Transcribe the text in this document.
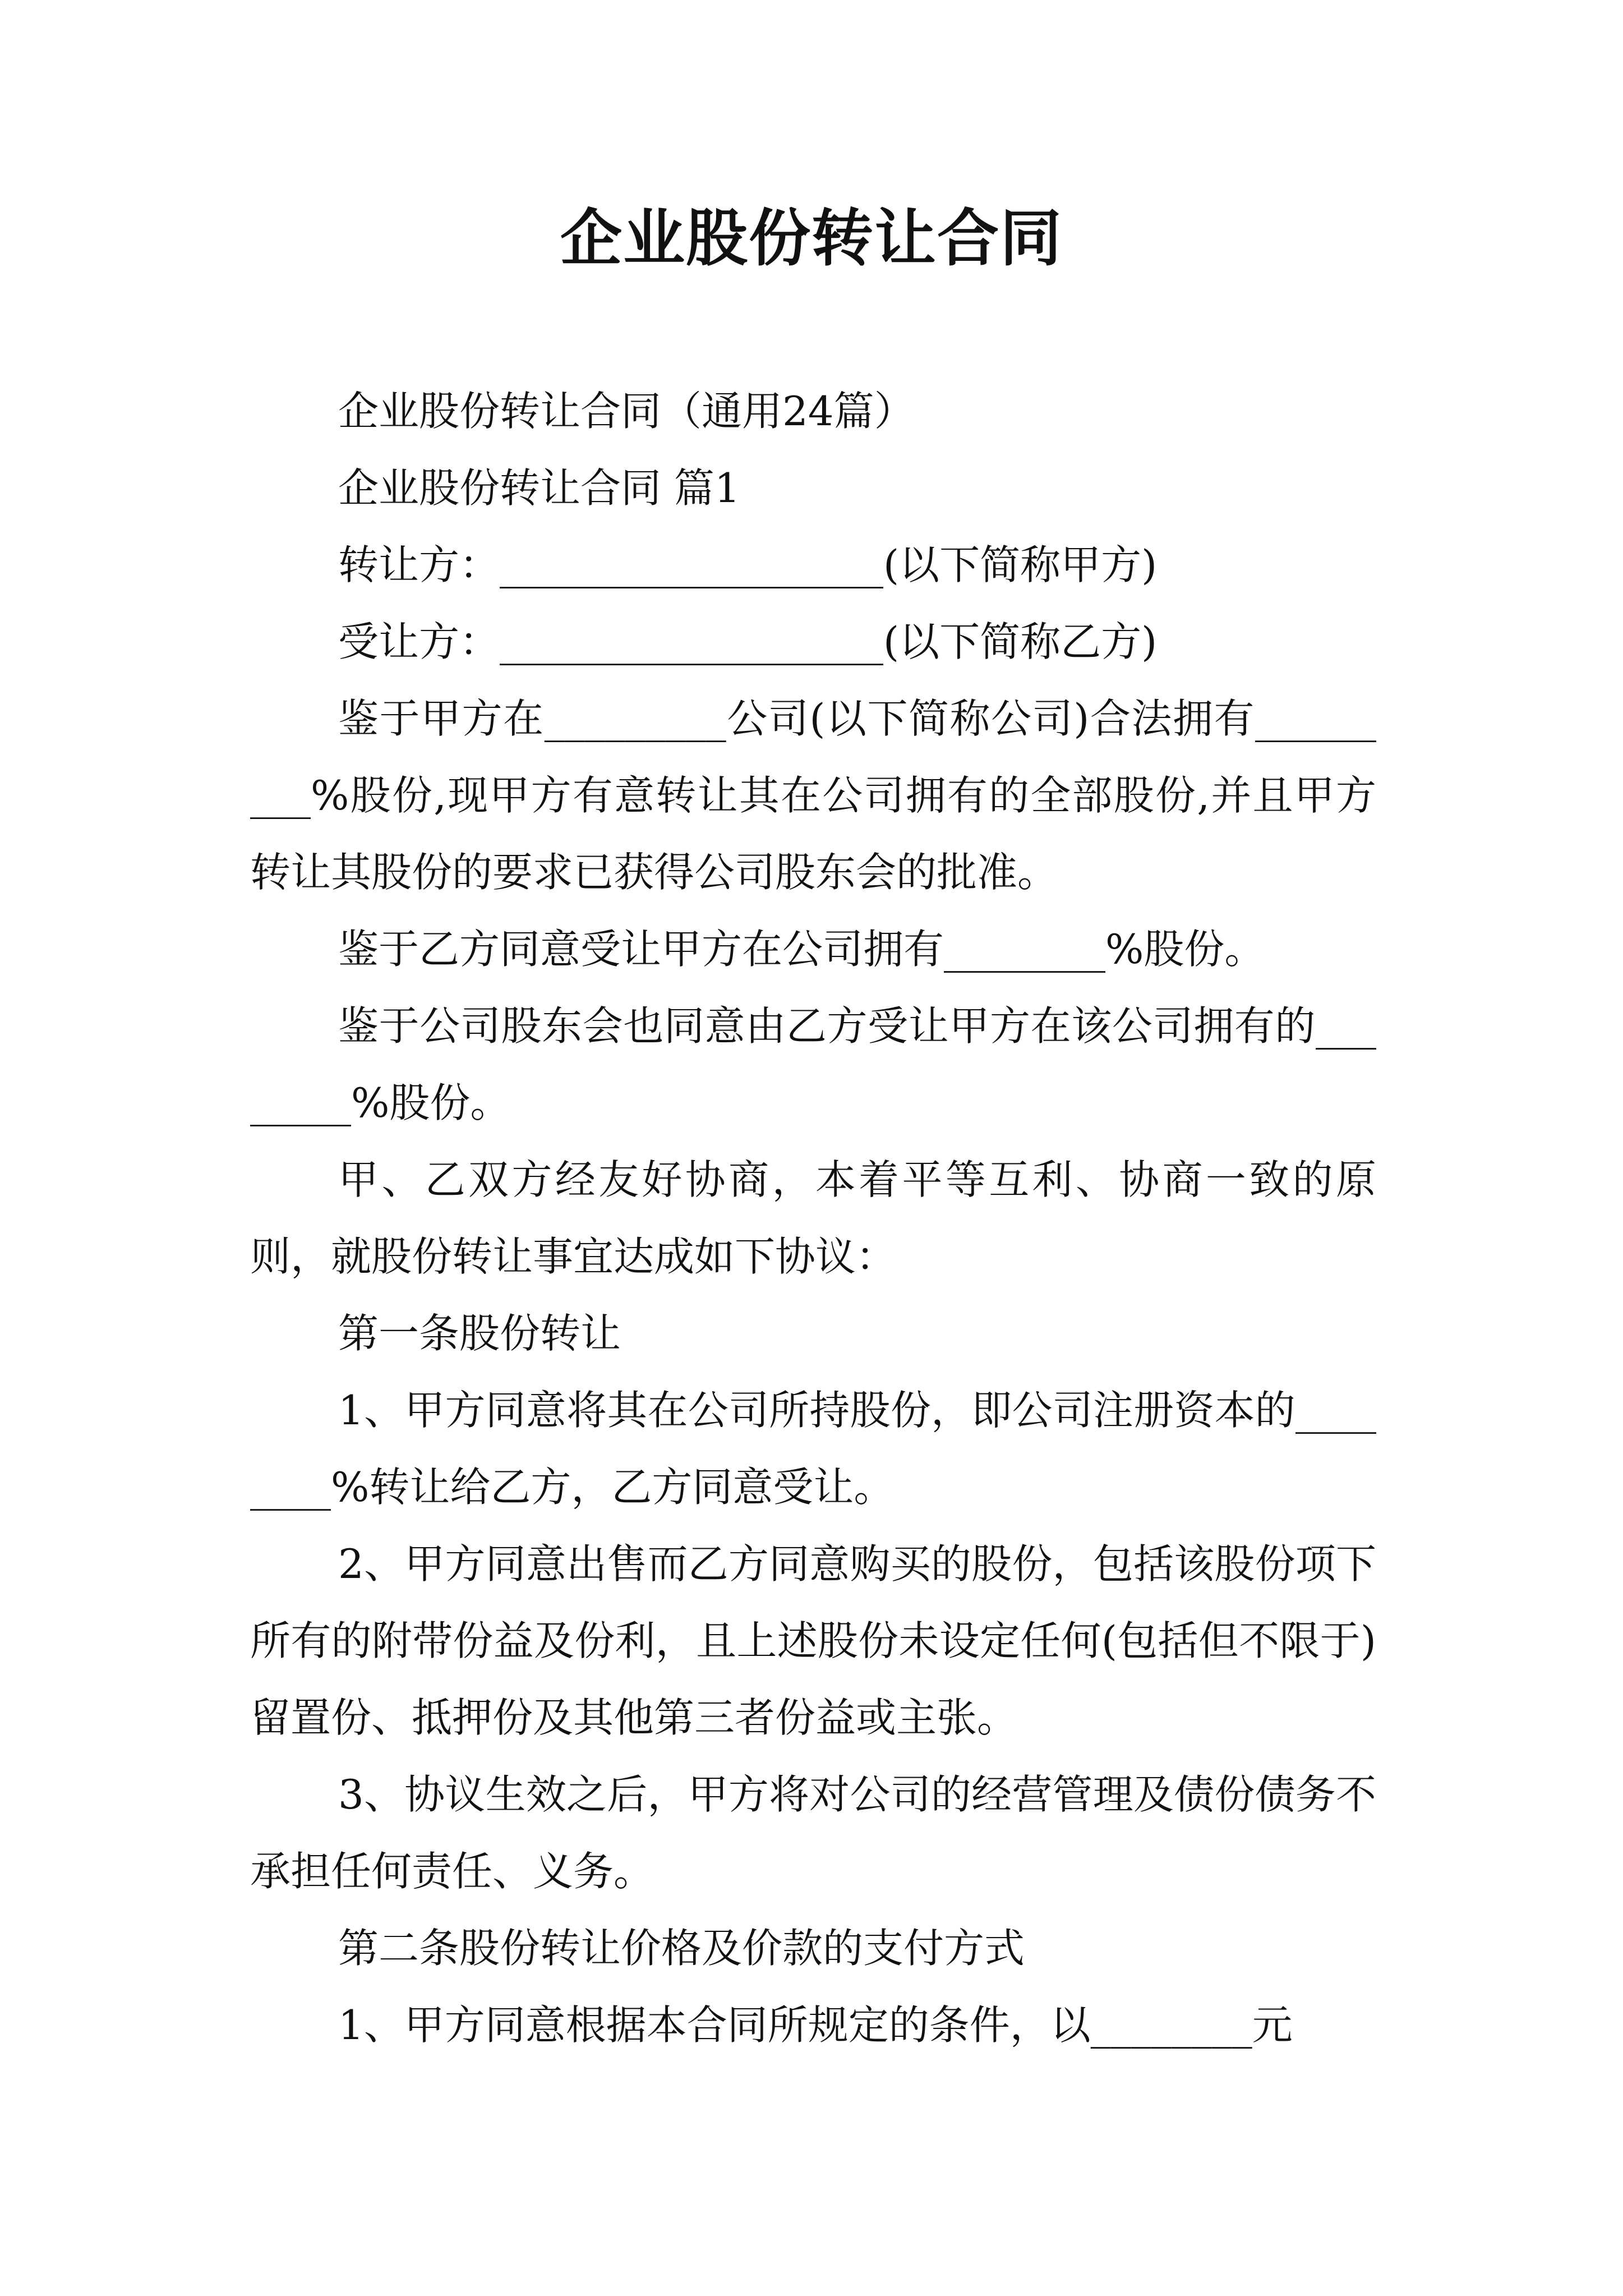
企业股份转让合同

企业股份转让合同（通用24篇）

企业股份转让合同 篇1

转让方：___________________(以下简称甲方)

受让方：___________________(以下简称乙方)

鉴于甲方在_________公司(以下简称公司)合法拥有_________%股份,现甲方有意转让其在公司拥有的全部股份,并且甲方转让其股份的要求已获得公司股东会的批准。

鉴于乙方同意受让甲方在公司拥有________%股份。

鉴于公司股东会也同意由乙方受让甲方在该公司拥有的________%股份。

甲、乙双方经友好协商，本着平等互利、协商一致的原则，就股份转让事宜达成如下协议：

第一条股份转让

1、甲方同意将其在公司所持股份，即公司注册资本的________%转让给乙方，乙方同意受让。

2、甲方同意出售而乙方同意购买的股份，包括该股份项下所有的附带份益及份利，且上述股份未设定任何(包括但不限于)留置份、抵押份及其他第三者份益或主张。

3、协议生效之后，甲方将对公司的经营管理及债份债务不承担任何责任、义务。

第二条股份转让价格及价款的支付方式

1、甲方同意根据本合同所规定的条件，以________元
